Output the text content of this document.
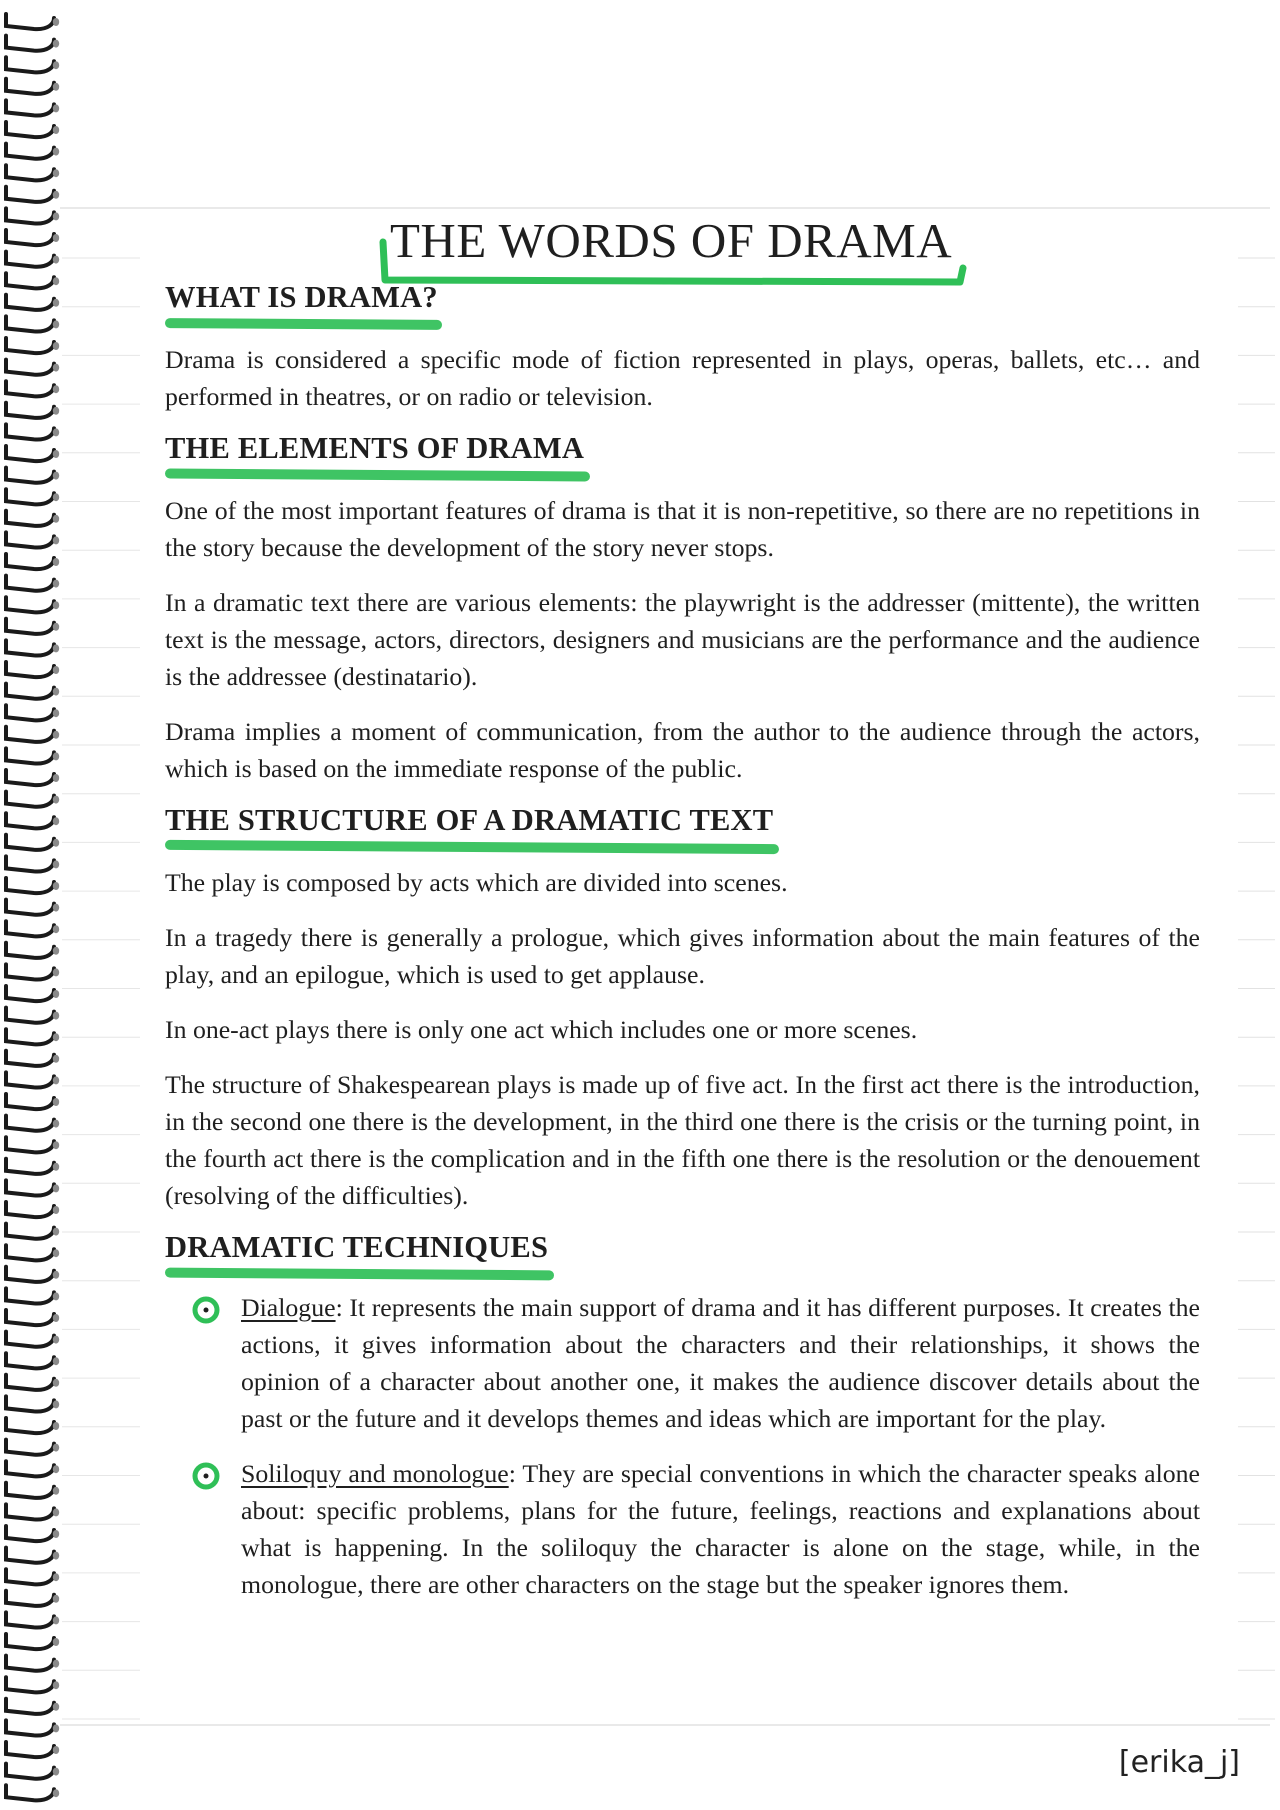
THE WORDS OF DRAMA
WHAT IS DRAMA?

Drama is considered a specific mode of fiction represented in plays, operas, ballets, etc… and performed in theatres, or on radio or television.

THE ELEMENTS OF DRAMA

One of the most important features of drama is that it is non-repetitive, so there are no repetitions in the story because the development of the story never stops.

In a dramatic text there are various elements: the playwright is the addresser (mittente), the written text is the message, actors, directors, designers and musicians are the performance and the audience is the addressee (destinatario).

Drama implies a moment of communication, from the author to the audience through the actors, which is based on the immediate response of the public.

THE STRUCTURE OF A DRAMATIC TEXT

The play is composed by acts which are divided into scenes.

In a tragedy there is generally a prologue, which gives information about the main features of the play, and an epilogue, which is used to get applause.

In one-act plays there is only one act which includes one or more scenes.

The structure of Shakespearean plays is made up of five act. In the first act there is the introduction, in the second one there is the development, in the third one there is the crisis or the turning point, in the fourth act there is the complication and in the fifth one there is the resolution or the denouement (resolving of the difficulties).

DRAMATIC TECHNIQUES
Dialogue: It represents the main support of drama and it has different purposes. It creates the actions, it gives information about the characters and their relationships, it shows the opinion of a character about another one, it makes the audience discover details about the past or the future and it develops themes and ideas which are important for the play.
Soliloquy and monologue: They are special conventions in which the character speaks alone about: specific problems, plans for the future, feelings, reactions and explanations about what is happening. In the soliloquy the character is alone on the stage, while, in the monologue, there are other characters on the stage but the speaker ignores them.
[erika_j]
